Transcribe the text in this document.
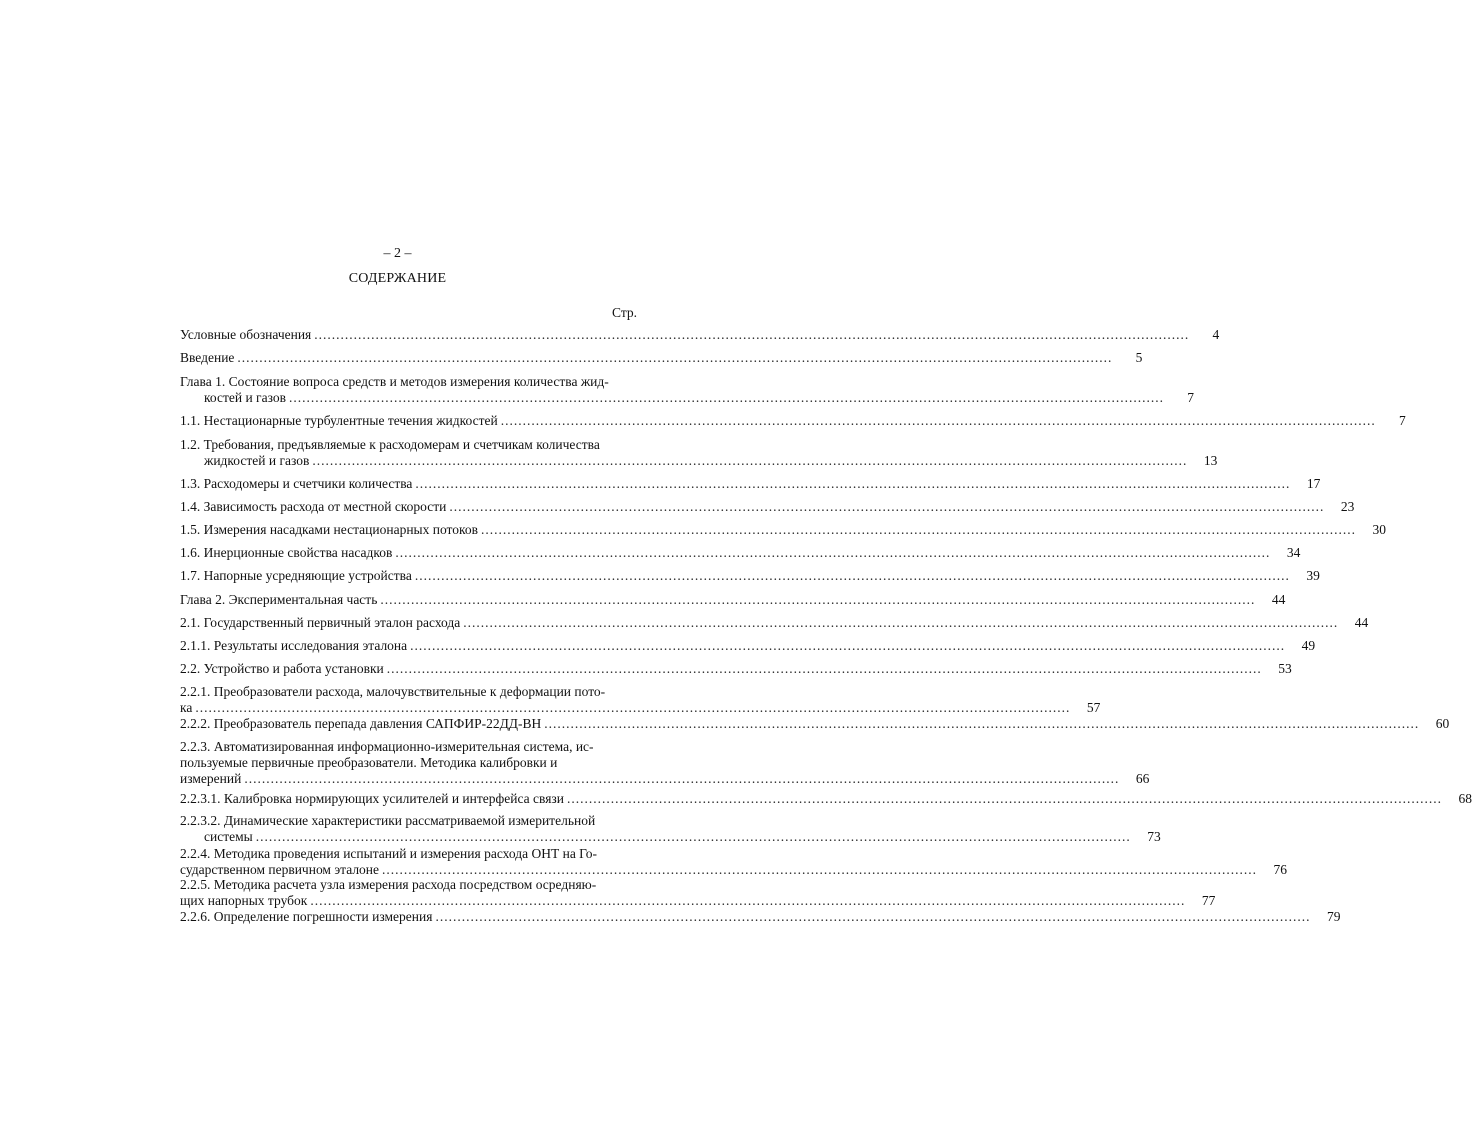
– 2 –
СОДЕРЖАНИЕ
Стр.
Условные обозначения ........................................................................................................................................................................................................	4
Введение ........................................................................................................................................................................................................	5
Глава 1. Состояние вопроса средств и методов измерения количества жид-
костей и газов ........................................................................................................................................................................................................	7
1.1. Нестационарные турбулентные течения жидкостей ........................................................................................................................................................................................................	7
1.2. Требования, предъявляемые к расходомерам и счетчикам количества
жидкостей и газов ........................................................................................................................................................................................................	13
1.3. Расходомеры и счетчики количества ........................................................................................................................................................................................................	17
1.4. Зависимость расхода от местной скорости ........................................................................................................................................................................................................	23
1.5. Измерения насадками нестационарных потоков ........................................................................................................................................................................................................	30
1.6. Инерционные свойства насадков ........................................................................................................................................................................................................	34
1.7. Напорные усредняющие устройства ........................................................................................................................................................................................................	39
Глава 2. Экспериментальная часть ........................................................................................................................................................................................................	44
2.1. Государственный первичный эталон расхода ........................................................................................................................................................................................................	44
2.1.1. Результаты исследования эталона ........................................................................................................................................................................................................	49
2.2. Устройство и работа установки ........................................................................................................................................................................................................	53
2.2.1. Преобразователи расхода, малочувствительные к деформации пото-
ка ........................................................................................................................................................................................................	57
2.2.2. Преобразователь перепада давления САПФИР-22ДД-ВН ........................................................................................................................................................................................................	60
2.2.3. Автоматизированная информационно-измерительная система, ис-
пользуемые первичные преобразователи. Методика калибровки и
измерений ........................................................................................................................................................................................................	66
2.2.3.1. Калибровка нормирующих усилителей и интерфейса связи ........................................................................................................................................................................................................	68
2.2.3.2. Динамические характеристики рассматриваемой измерительной
системы ........................................................................................................................................................................................................	73
2.2.4. Методика проведения испытаний и измерения расхода ОНТ на Го-
сударственном первичном эталоне ........................................................................................................................................................................................................	76
2.2.5. Методика расчета узла измерения расхода посредством осредняю-
щих напорных трубок ........................................................................................................................................................................................................	77
2.2.6. Определение погрешности измерения ........................................................................................................................................................................................................	79
